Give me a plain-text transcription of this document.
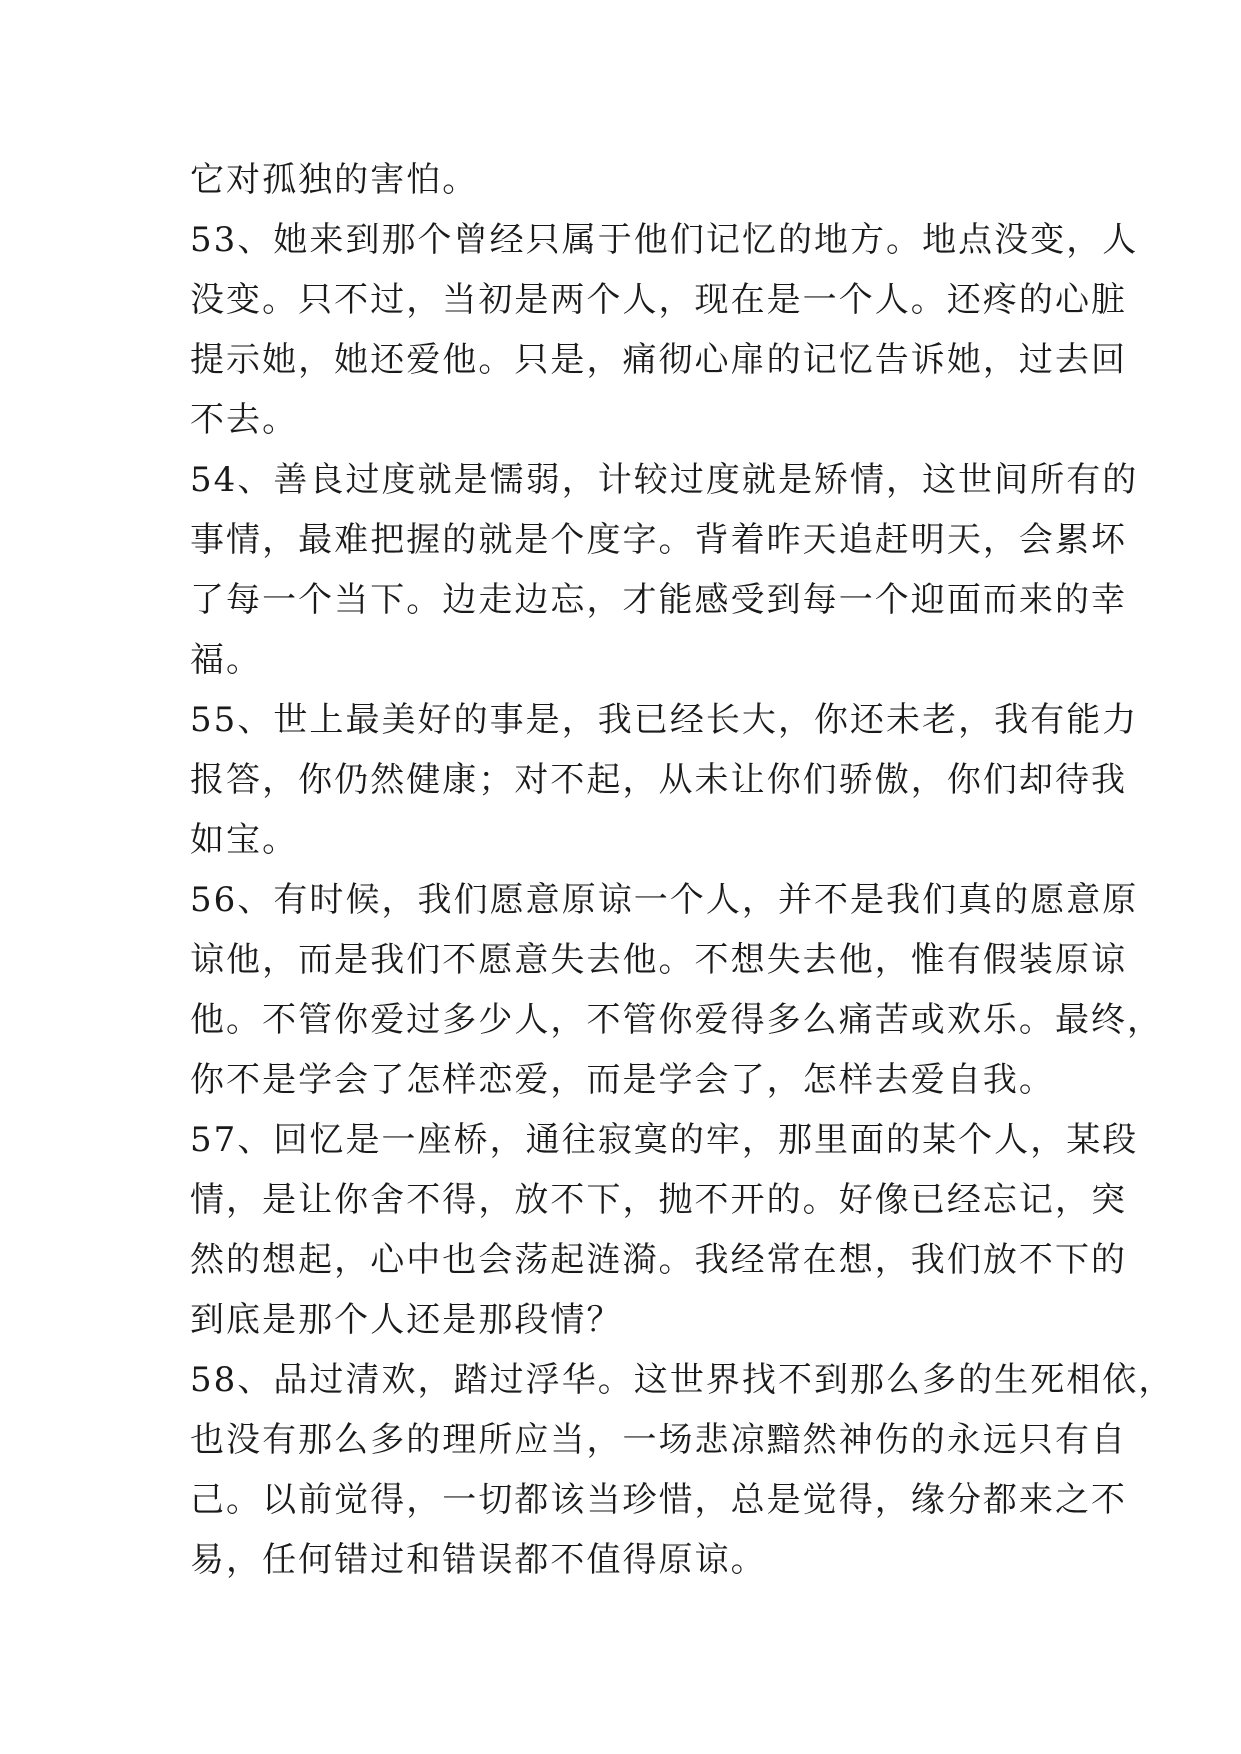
它对孤独的害怕。
53、她来到那个曾经只属于他们记忆的地方。地点没变，人
没变。只不过，当初是两个人，现在是一个人。还疼的心脏
提示她，她还爱他。只是，痛彻心扉的记忆告诉她，过去回
不去。
54、善良过度就是懦弱，计较过度就是矫情，这世间所有的
事情，最难把握的就是个度字。背着昨天追赶明天，会累坏
了每一个当下。边走边忘，才能感受到每一个迎面而来的幸
福。
55、世上最美好的事是，我已经长大，你还未老，我有能力
报答，你仍然健康；对不起，从未让你们骄傲，你们却待我
如宝。
56、有时候，我们愿意原谅一个人，并不是我们真的愿意原
谅他，而是我们不愿意失去他。不想失去他，惟有假装原谅
他。不管你爱过多少人，不管你爱得多么痛苦或欢乐。最终，
你不是学会了怎样恋爱，而是学会了，怎样去爱自我。
57、回忆是一座桥，通往寂寞的牢，那里面的某个人，某段
情，是让你舍不得，放不下，抛不开的。好像已经忘记，突
然的想起，心中也会荡起涟漪。我经常在想，我们放不下的
到底是那个人还是那段情？
58、品过清欢，踏过浮华。这世界找不到那么多的生死相依，
也没有那么多的理所应当，一场悲凉黯然神伤的永远只有自
己。以前觉得，一切都该当珍惜，总是觉得，缘分都来之不
易，任何错过和错误都不值得原谅。
